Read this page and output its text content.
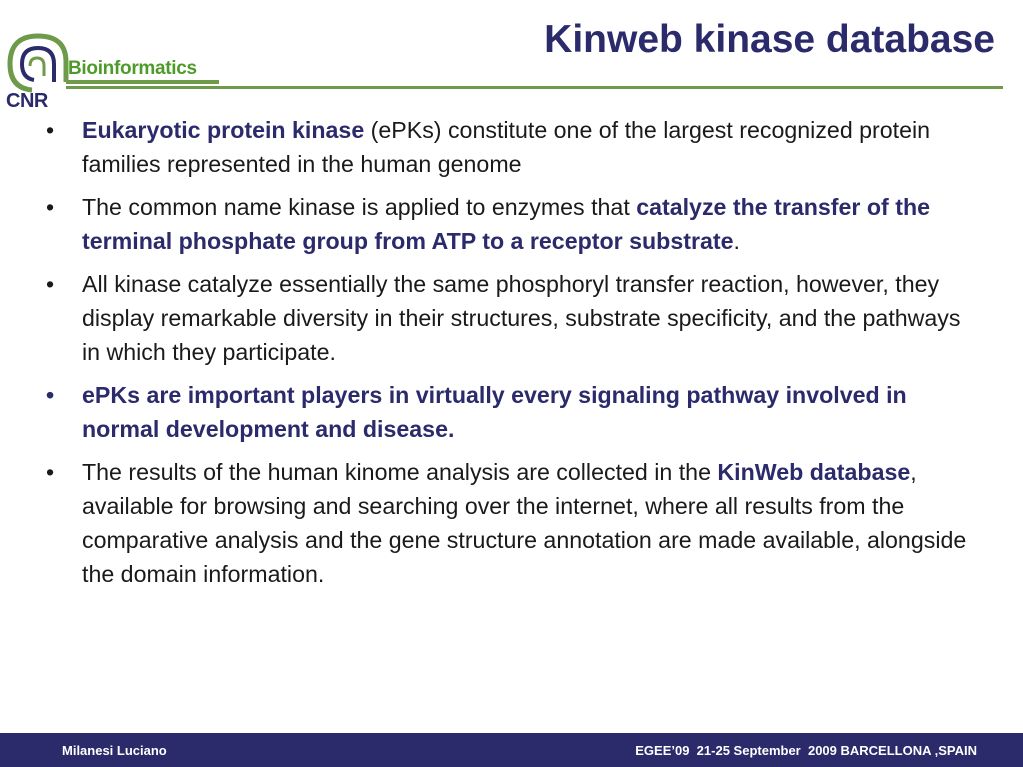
Bioinformatics
CNR
Kinweb kinase database
• Eukaryotic protein kinase (ePKs) constitute one of the largest recognized protein families represented in the human genome
• The common name kinase is applied to enzymes that catalyze the transfer of the terminal phosphate group from ATP to a receptor substrate.
• All kinase catalyze essentially the same phosphoryl transfer reaction, however, they display remarkable diversity in their structures, substrate specificity, and the pathways in which they participate.
• ePKs are important players in virtually every signaling pathway involved in normal development and disease.
• The results of the human kinome analysis are collected in the KinWeb database, available for browsing and searching over the internet, where all results from the comparative analysis and the gene structure annotation are made available, alongside the domain information.
Milanesi Luciano	EGEE’09  21-25 September  2009 BARCELLONA ,SPAIN
